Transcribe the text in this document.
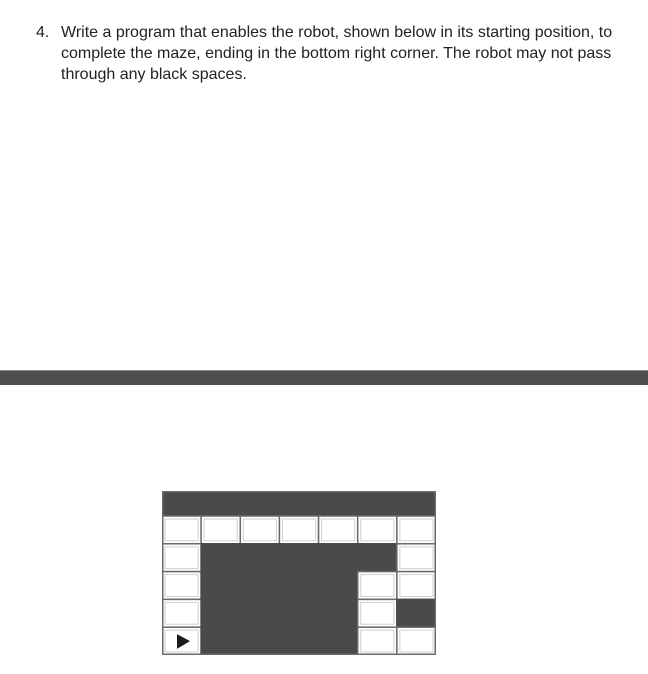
4. Write a program that enables the robot, shown below in its starting position, to complete the maze, ending in the bottom right corner. The robot may not pass through any black spaces.
